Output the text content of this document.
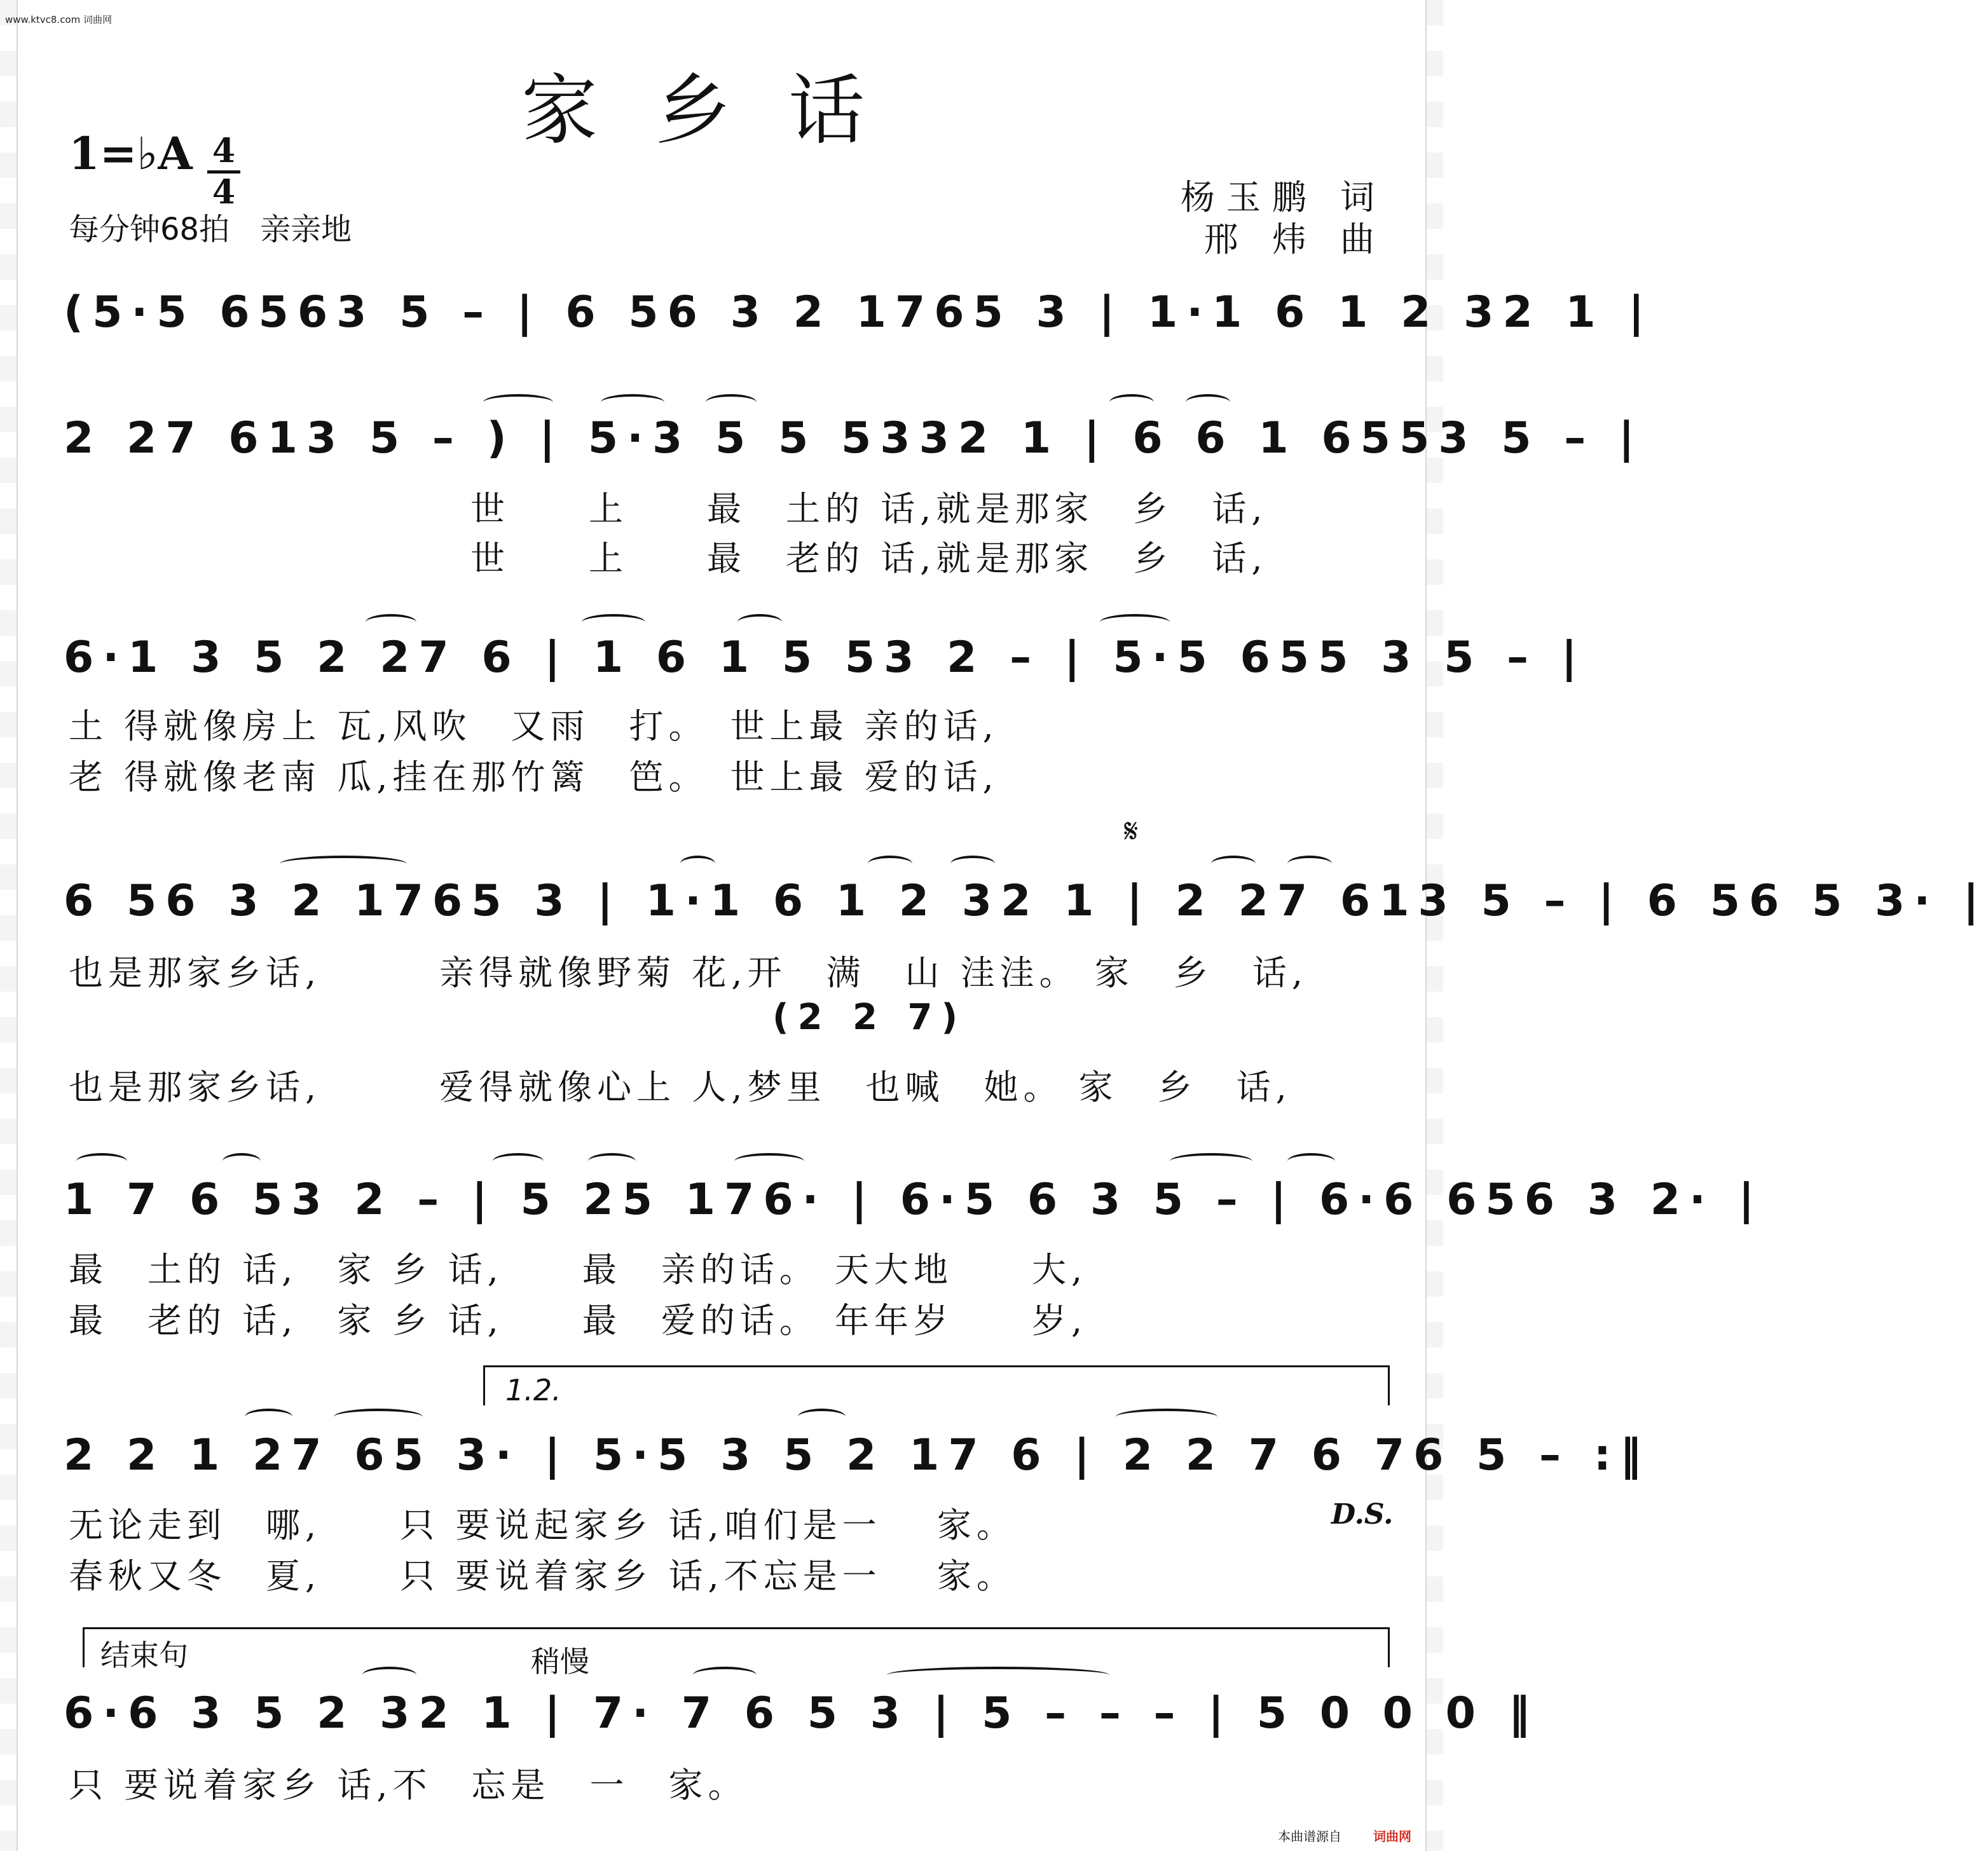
www.ktvc8.com 词曲网
家乡话
1=♭A 4
4
每分钟68拍　亲亲地
杨玉鹏 词
邢 炜 曲
(5·5 6563 5 – | 6 56 3 2 1765 3 | 1·1 6 1 2 32 1 |
2 27 613 5 – ) | 5·3 5 5 5332 1 | 6 6 1 6553 5 – |
世　　上　　最　土的 话,就是那家　乡　话,
世　　上　　最　老的 话,就是那家　乡　话,
6·1 3 5 2 27 6 | 1 6 1 5 53 2 – | 5·5 655 3 5 – |
土 得就像房上 瓦,风吹　又雨　打。　世上最 亲的话,
老 得就像老南 瓜,挂在那竹篱　笆。　世上最 爱的话,
𝄋
6 56 3 2 1765 3 | 1·1 6 1 2 32 1 | 2 27 613 5 – | 6 56 5 3· |
也是那家乡话,　　　亲得就像野菊 花,开　满　山 洼洼。 家　乡　话,
(2 2 7)
也是那家乡话,　　　爱得就像心上 人,梦里　也喊　她。 家　乡　话,
1 7 6 53 2 – | 5 25 176· | 6·5 6 3 5 – | 6·6 656 3 2· |
最　土的 话,　家 乡 话,　　最　亲的话。 天大地　　大,
最　老的 话,　家 乡 话,　　最　爱的话。 年年岁　　岁,
1.2.
2 2 1 27 65 3· | 5·5 3 5 2 17 6 | 2 2 7 6 76 5 – :‖
无论走到　哪,　　只 要说起家乡 话,咱们是一　 家。	D.S.
春秋又冬　夏,　　只 要说着家乡 话,不忘是一　 家。
结束句	稍慢
6·6 3 5 2 32 1 | 7· 7 6 5 3 | 5 – – – | 5 0 0 0 ‖
只 要说着家乡 话,不　忘是　一　家。
本曲谱源自	词曲网
